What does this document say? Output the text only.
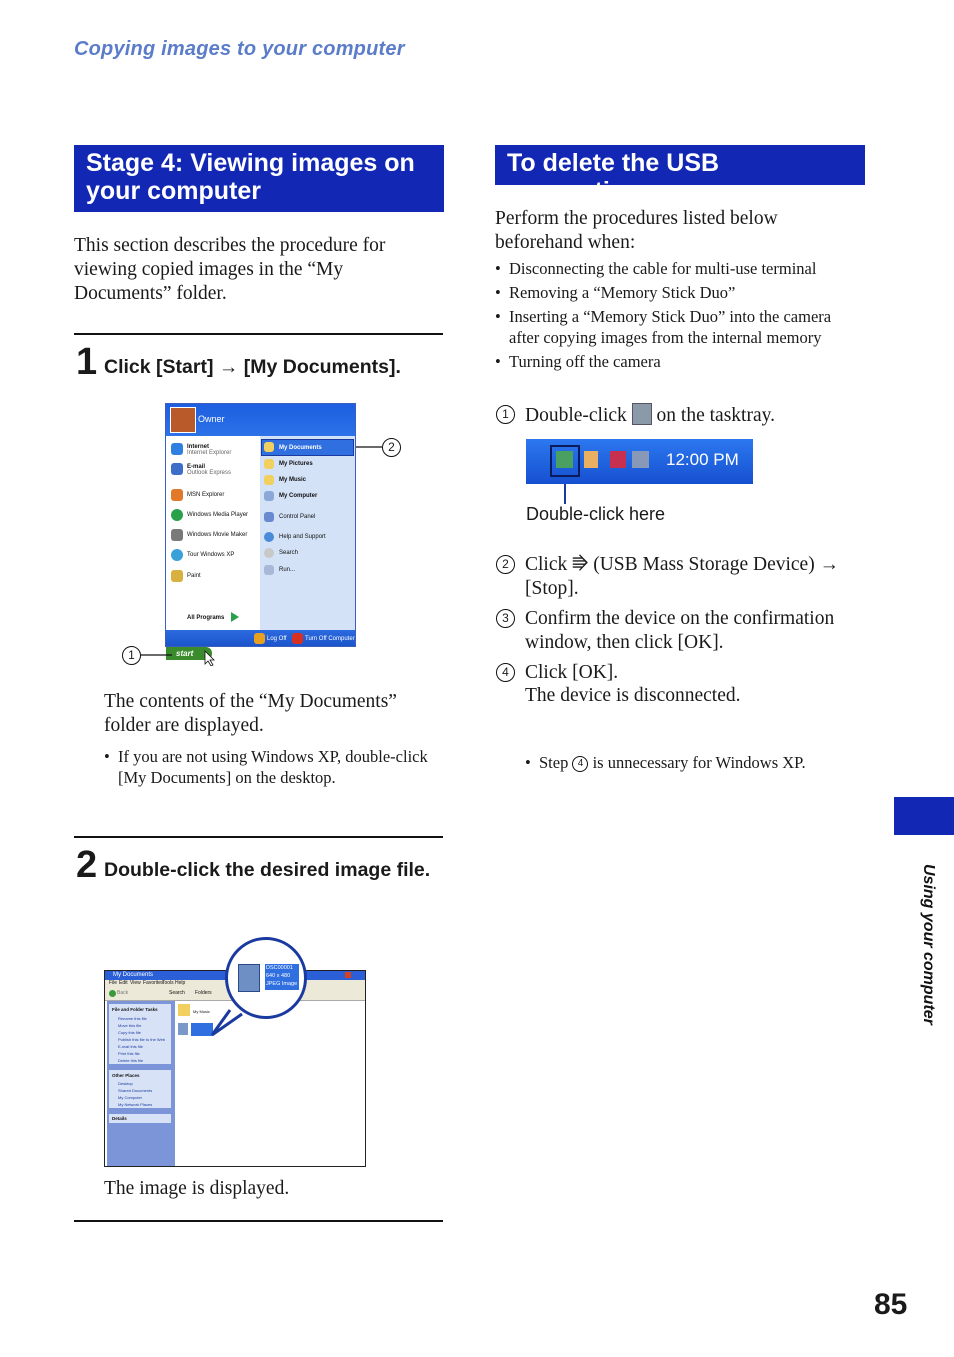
Copying images to your computer
Stage 4: Viewing images on your computer
This section describes the procedure for viewing copied images in the “My Documents” folder.
1 Click [Start] → [My Documents].
Owner
Internet
Internet Explorer
E-mail
Outlook Express
MSN Explorer
Windows Media Player
Windows Movie Maker
Tour Windows XP
Paint
All Programs
My Documents
My Pictures
My Music
My Computer
Control Panel
Help and Support
Search
Run...
Log Off	Turn Off Computer
start
2
1
The contents of the “My Documents” folder are displayed.
• If you are not using Windows XP, double-click [My Documents] on the desktop.
2 Double-click the desired image file.
My Documents
File Edit View Favorites
Tools Help
Back	Search Folders
File and Folder Tasks
Rename this file
Move this file
Copy this file
Publish this file to the Web
E-mail this file
Print this file
Delete this file
Other Places
Desktop
Shared Documents
My Computer
My Network Places
Details
My Music
DSC00001
640 x 480
JPEG Image
The image is displayed.
To delete the USB connection
Perform the procedures listed below beforehand when:
• Disconnecting the cable for multi-use terminal
• Removing a “Memory Stick Duo”
• Inserting a “Memory Stick Duo” into the camera after copying images from the internal memory
• Turning off the camera
1 Double-click on the tasktray.
12:00 PM
Double-click here
2 Click ⭆ (USB Mass Storage Device) → [Stop].
3 Confirm the device on the confirmation window, then click [OK].
4 Click [OK].
The device is disconnected.
• Step 4 is unnecessary for Windows XP.
Using your computer
85
